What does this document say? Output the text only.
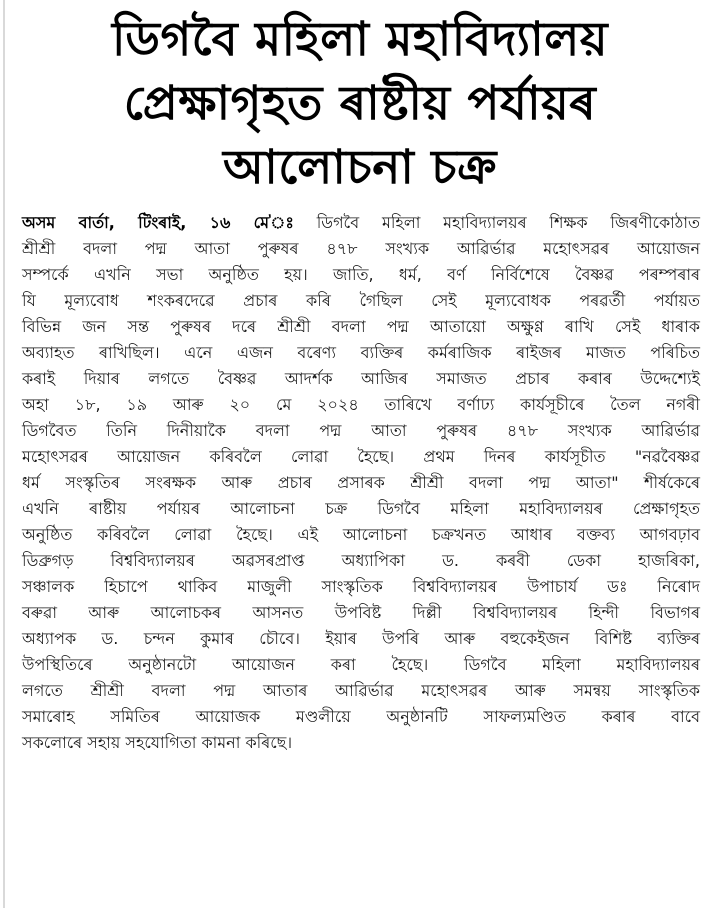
ডিগবৈ মহিলা মহাবিদ্যালয়
প্ৰেক্ষাগৃহত ৰাষ্টীয় পৰ্যায়ৰ
আলোচনা চক্ৰ
অসম বাৰ্তা, টিংৰাই, ১৬ মে'ঃ ডিগবৈ মহিলা মহাবিদ্যালয়ৰ শিক্ষক জিৰণীকোঠাত
শ্ৰীশ্ৰী বদলা পদ্ম আতা পুৰুষৰ ৪৭৮ সংখ্যক আৱিৰ্ভাৱ মহোৎসৱৰ আয়োজন
সম্পৰ্কে এখনি সভা অনুষ্ঠিত হয়। জাতি, ধৰ্ম, বৰ্ণ নিৰ্বিশেষে বৈষ্ণৱ পৰম্পৰাৰ
যি মূল্যবোধ শংকৰদেৱে প্ৰচাৰ কৰি গৈছিল সেই মূল্যবোধক পৰৱৰ্তী পৰ্যায়ত
বিভিন্ন জন সন্ত পুৰুষৰ দৰে শ্ৰীশ্ৰী বদলা পদ্ম আতায়ো অক্ষুণ্ণ ৰাখি সেই ধাৰাক
অব্যাহত ৰাখিছিল। এনে এজন বৰেণ্য ব্যক্তিৰ কৰ্মৰাজিক ৰাইজৰ মাজত পৰিচিত
কৰাই দিয়াৰ লগতে বৈষ্ণৱ আদৰ্শক আজিৰ সমাজত প্ৰচাৰ কৰাৰ উদ্দেশ্যেই
অহা ১৮, ১৯ আৰু ২০ মে ২০২৪ তাৰিখে বৰ্ণাঢ্য কাৰ্যসূচীৰে তৈল নগৰী
ডিগবৈত তিনি দিনীয়াকৈ বদলা পদ্ম আতা পুৰুষৰ ৪৭৮ সংখ্যক আৱিৰ্ভাৱ
মহোৎসৱৰ আয়োজন কৰিবলৈ লোৱা হৈছে। প্ৰথম দিনৰ কাৰ্যসূচীত "নৱবৈষ্ণৱ
ধৰ্ম সংস্কৃতিৰ সংৰক্ষক আৰু প্ৰচাৰ প্ৰসাৰক শ্ৰীশ্ৰী বদলা পদ্ম আতা" শীৰ্ষকেৰে
এখনি ৰাষ্টীয় পৰ্যায়ৰ আলোচনা চক্ৰ ডিগবৈ মহিলা মহাবিদ্যালয়ৰ প্ৰেক্ষাগৃহত
অনুষ্ঠিত কৰিবলৈ লোৱা হৈছে। এই আলোচনা চক্ৰখনত আধাৰ বক্তব্য আগবঢ়াব
ডিব্ৰুগড় বিশ্ববিদ্যালয়ৰ অৱসৰপ্ৰাপ্ত অধ্যাপিকা ড. কৰবী ডেকা হাজৰিকা,
সঞ্চালক হিচাপে থাকিব মাজুলী সাংস্কৃতিক বিশ্ববিদ্যালয়ৰ উপাচাৰ্য ডঃ নিৰোদ
বৰুৱা আৰু আলোচকৰ আসনত উপবিষ্ট দিল্লী বিশ্ববিদ্যালয়ৰ হিন্দী বিভাগৰ
অধ্যাপক ড. চন্দন কুমাৰ চৌবে। ইয়াৰ উপৰি আৰু বহুকেইজন বিশিষ্ট ব্যক্তিৰ
উপস্থিতিৰে অনুষ্ঠানটো আয়োজন কৰা হৈছে। ডিগবৈ মহিলা মহাবিদ্যালয়ৰ
লগতে শ্ৰীশ্ৰী বদলা পদ্ম আতাৰ আৱিৰ্ভাৱ মহোৎসৱৰ আৰু সমন্বয় সাংস্কৃতিক
সমাৰোহ সমিতিৰ আয়োজক মণ্ডলীয়ে অনুষ্ঠানটি সাফল্যমণ্ডিত কৰাৰ বাবে
সকলোৰে সহায় সহযোগিতা কামনা কৰিছে।
